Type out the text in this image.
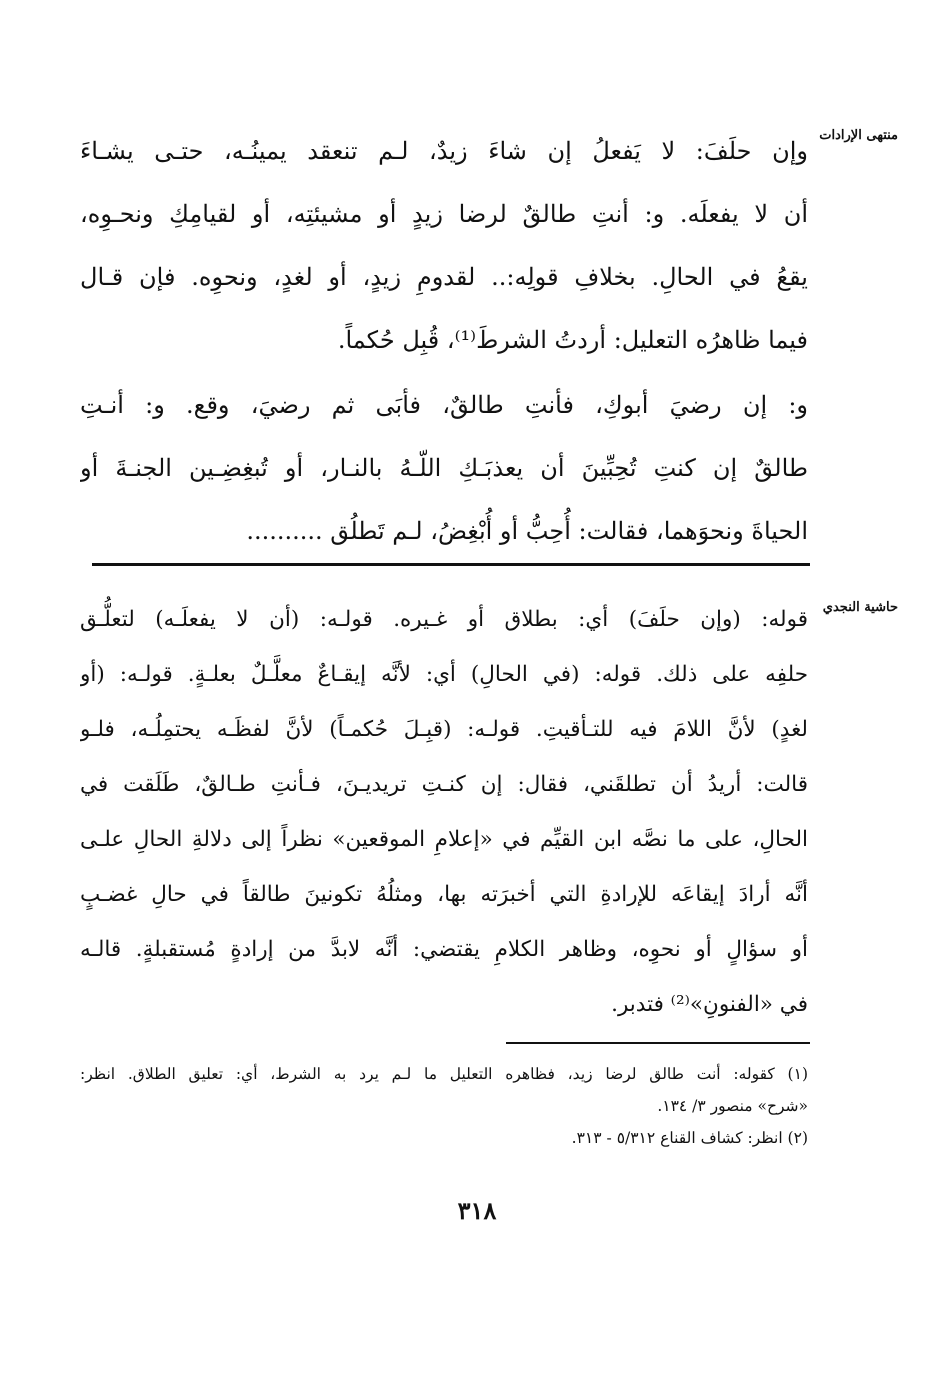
منتهى الإرادات
وإن حلَفَ: لا يَفعلُ إن شاءَ زيدٌ، لـم تنعقد يمينُـه، حتـى يشـاءَ
أن لا يفعلَه. و: أنتِ طالقٌ لرضا زيدٍ أو مشيئتِه، أو لقيامِكِ ونحـوِه،
يقعُ في الحالِ. بخلافِ قولِه:.. لقدومِ زيدٍ، أو لغدٍ، ونحوِه. فإن قـال
فيما ظاهرُه التعليل: أردتُ الشرطَ⁽¹⁾، قُبِل حُكماً.
و: إن رضيَ أبوكِ، فأنتِ طالقٌ، فأبَى ثم رضيَ، وقع. و: أنـتِ
طالقٌ إن كنتِ تُحِبِّينَ أن يعذبَـكِ اللّـهُ بالنـار، أو تُبغِضِـين الجنـةَ أو
الحياةَ ونحوَهما، فقالت: أُحِبُّ أو أُبْغِضُ، لـم تَطلُق ..........
حاشية النجدي
قوله: (وإن حلَفَ) أي: بطلاق أو غـيره. قولـه: (أن لا يفعلَـه) لتعلُّـق
حلفِه على ذلك. قوله: (في الحالِ) أي: لأنَّه إيقـاعٌ معلَّـلٌ بعلـةٍ. قولـه: (أو
لغدٍ) لأنَّ اللامَ فيه للتـأقيتِ. قولـه: (قبِـلَ حُكمـاً) لأنَّ لفظَـه يحتمِلُـه، فلـو
قالت: أريدُ أن تطلقَني، فقال: إن كنـتِ تريديـنَ، فـأنتِ طـالقٌ، طَلَقت في
الحالِ، على ما نصَّه ابن القيِّم في «إعلامِ الموقعين» نظراً إلى دلالةِ الحالِ علـى
أنَّه أرادَ إيقاعَه للإرادةِ التي أخبرَته بها، ومثلُهُ تكونينَ طالقاً في حالِ غضـبٍ
أو سؤالٍ أو نحوِه، وظاهر الكلامِ يقتضي: أنَّه لابدَّ من إرادةٍ مُستقبلةٍ. قالـه
في «الفنونِ»⁽²⁾ فتدبر.
(١) كقوله: أنت طالق لرضا زيد، فظاهره التعليل ما لـم يرد به الشرط، أي: تعليق الطلاق. انظر:
«شرح» منصور ٣/ ١٣٤.
(٢) انظر: كشاف القناع ٥/٣١٢ - ٣١٣.
٣١٨
